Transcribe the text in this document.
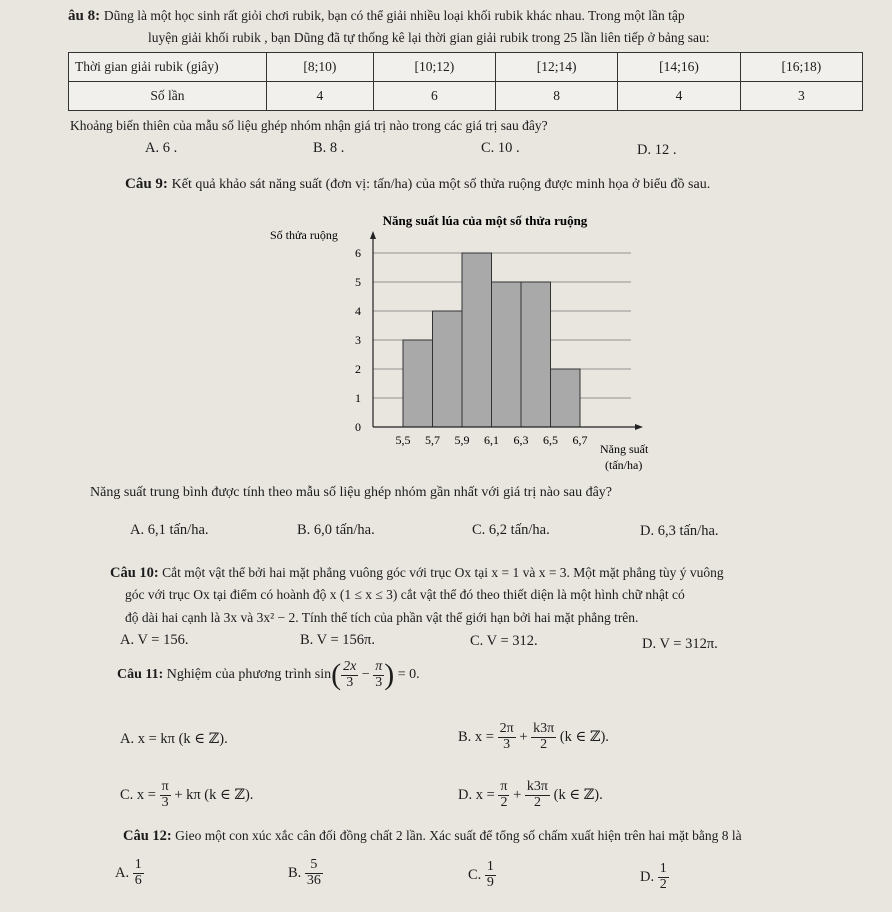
âu 8: Dũng là một học sinh rất giỏi chơi rubik, bạn có thể giải nhiều loại khối rubik khác nhau. Trong một lần tập
luyện giải khối rubik , bạn Dũng đã tự thống kê lại thời gian giải rubik trong 25 lần liên tiếp ở bảng sau:
Thời gian giải rubik (giây)	[8;10)	[10;12)	[12;14)	[14;16)	[16;18)
Số lần	4	6	8	4	3
Khoảng biến thiên của mẫu số liệu ghép nhóm nhận giá trị nào trong các giá trị sau đây?
A. 6 .	B. 8 .	C. 10 .	D. 12 .
Câu 9: Kết quả khảo sát năng suất (đơn vị: tấn/ha) của một số thửa ruộng được minh họa ở biểu đồ sau.
Năng suất lúa của một số thửa ruộng
Số thửa ruộng
0
1
2
3
4
5
6
5,5 5,7 5,9 6,1 6,3 6,5 6,7
Năng suất
(tấn/ha)
Năng suất trung bình được tính theo mẫu số liệu ghép nhóm gần nhất với giá trị nào sau đây?
A. 6,1 tấn/ha.	B. 6,0 tấn/ha.	C. 6,2 tấn/ha.	D. 6,3 tấn/ha.
Câu 10: Cắt một vật thể bởi hai mặt phẳng vuông góc với trục Ox tại x = 1 và x = 3. Một mặt phẳng tùy ý vuông
góc với trục Ox tại điểm có hoành độ x (1 ≤ x ≤ 3) cắt vật thể đó theo thiết diện là một hình chữ nhật có
độ dài hai cạnh là 3x và 3x² − 2. Tính thể tích của phần vật thể giới hạn bởi hai mặt phẳng trên.
A. V = 156.	B. V = 156π.	C. V = 312.	D. V = 312π.
Câu 11: Nghiệm của phương trình $\sin( \frac{2x}{3} - \frac{\pi}{3}$ ) = 0.
A. x = kπ (k ∈ ℤ).	B. $x = \frac{2\pi}{3} + \frac{k3\pi}{2} (k$ ∈ ℤ).
C. $x = \frac{\pi}{3} + k\pi$ (k ∈ ℤ).	D. $x = \frac{\pi}{2} + \frac{k3\pi}{2} (k$ ∈ ℤ).
Câu 12: Gieo một con xúc xắc cân đối đồng chất 2 lần. Xác suất để tổng số chấm xuất hiện trên hai mặt bằng 8 là
A. $\frac{1}{6}$	B. $\frac{5}{36}$	C. $\frac{1}{9}$	D. $\frac{1}{2}$
